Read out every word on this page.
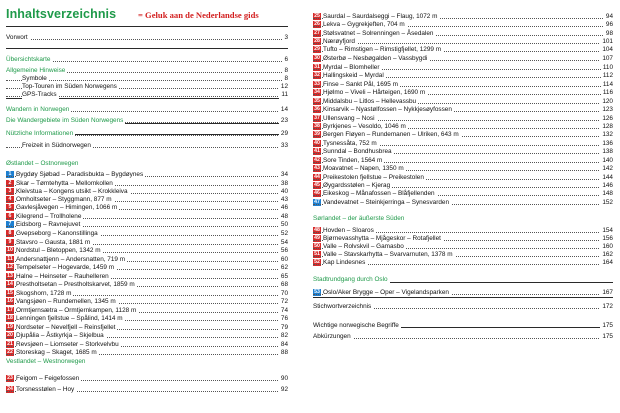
Inhaltsverzeichnis	= Geluk aan de Nederlandse gids
Vorwort	3
Übersichtskarte	6
Allgemeine Hinweise	8
Symbole	8
Top-Touren im Süden Norwegens	12
GPS-Tracks	11
Wandern in Norwegen	14
Die Wandergebiete im Süden Norwegens	23
Nützliche Informationen	29
Freizeit in Südnorwegen	33
Østlandet – Ostnorwegen
1 Bygdøy Sjøbad – Paradisbukta – Bygdøynes	34
2 Skar – Tømtehytta – Mellomkollen	38
3 Kleivstua – Kongens utsikt – Krokkleiva	40
4 Omholtseter – Styggmann, 877 m	43
5 Gavlesjåvegen – Himingen, 1066 m	46
6 Kilegrend – Trollholene	48
7 Eidsborg – Ravnejuvet	50
8 Gvepseborg – Kanonstillinga	52
9 Stavsro – Gausta, 1881 m	54
10 Nordstul – Bletoppen, 1342 m	56
11 Andersnattjenn – Andersnatten, 719 m	60
12 Tempelseter – Hogevarde, 1459 m	62
13 Halne – Heinseter – Rauhelleren	65
14 Prestholtsetan – Prestholtskarvet, 1859 m	68
15 Skogshorn, 1728 m	70
16 Vangsjøen – Rundemellen, 1345 m	72
17 Ormtjernsætra – Ormtjernkampen, 1128 m	74
18 Lenningen fjellstue – Spålind, 1414 m	76
19 Nordseter – Nevelfjell – Reinsfjellet	79
20 Djupålia – Åstkyrkja – Skjelbua	82
21 Revsjøen – Liomseter – Storkvelvbu	84
22 Storeskag – Skaget, 1685 m	88
Vestlandet – Westnorwegen
23 Feigom – Feigefossen	90
24 Torsnesstølen – Hoy	92
25 Saurdal – Saurdalseggi – Flaug, 1072 m	94
26 Lekva – Gygrekjeften, 704 m	96
27 Stølsvatnet – Solrenningen – Åsedalen	98
28 Nærøyfjord	101
29 Tufto – Rimstigen – Rimstigfjellet, 1299 m	104
30 Østerbø – Nesbøgalden – Vassbygdi	107
31 Myrdal – Blomheller	110
32 Hallingskeid – Myrdal	112
33 Finse – Sankt Pål, 1695 m	114
34 Hjølmo – Viveli – Hårteigen, 1690 m	116
35 Middalsbu – Litlos – Hellevassbu	120
36 Kinsarvik – Nyastølfossen – Nykkjesøyfossen	123
37 Ullensvang – Nosi	126
38 Byrkjenes – Vesoldo, 1046 m	128
39 Bergen Fløyen – Rundemanen – Ulriken, 643 m	132
40 Tysnessåta, 752 m	136
41 Sunndal – Bondhusbrea	138
42 Sore Tinden, 1564 m	140
43 Moavatnet – Napen, 1350 m	142
44 Preikestolen fjellstue – Preikestolen	144
45 Øygardsstølen – Kjerag	146
46 Eikeskog – Månafossen – Blåfjellenden	148
47 Vandevatnet – Steinkjerringa – Synesvarden	152
Sørlandet – der äußerste Süden
48 Hovden – Sloaros	154
49 Bjørnevasshytta – Mjågeskor – Rotafjellet	156
50 Valle – Rolvskvil – Gamasbo	160
51 Valle – Stavskarhytta – Svarvarnuten, 1378 m	162
52 Kap Lindesnes	164
Stadtrundgang durch Oslo
53 Oslo/Aker Brygge – Oper – Vigelandsparken	167
Stichwortverzeichnis	172
Wichtige norwegische Begriffe	175
Abkürzungen	175
